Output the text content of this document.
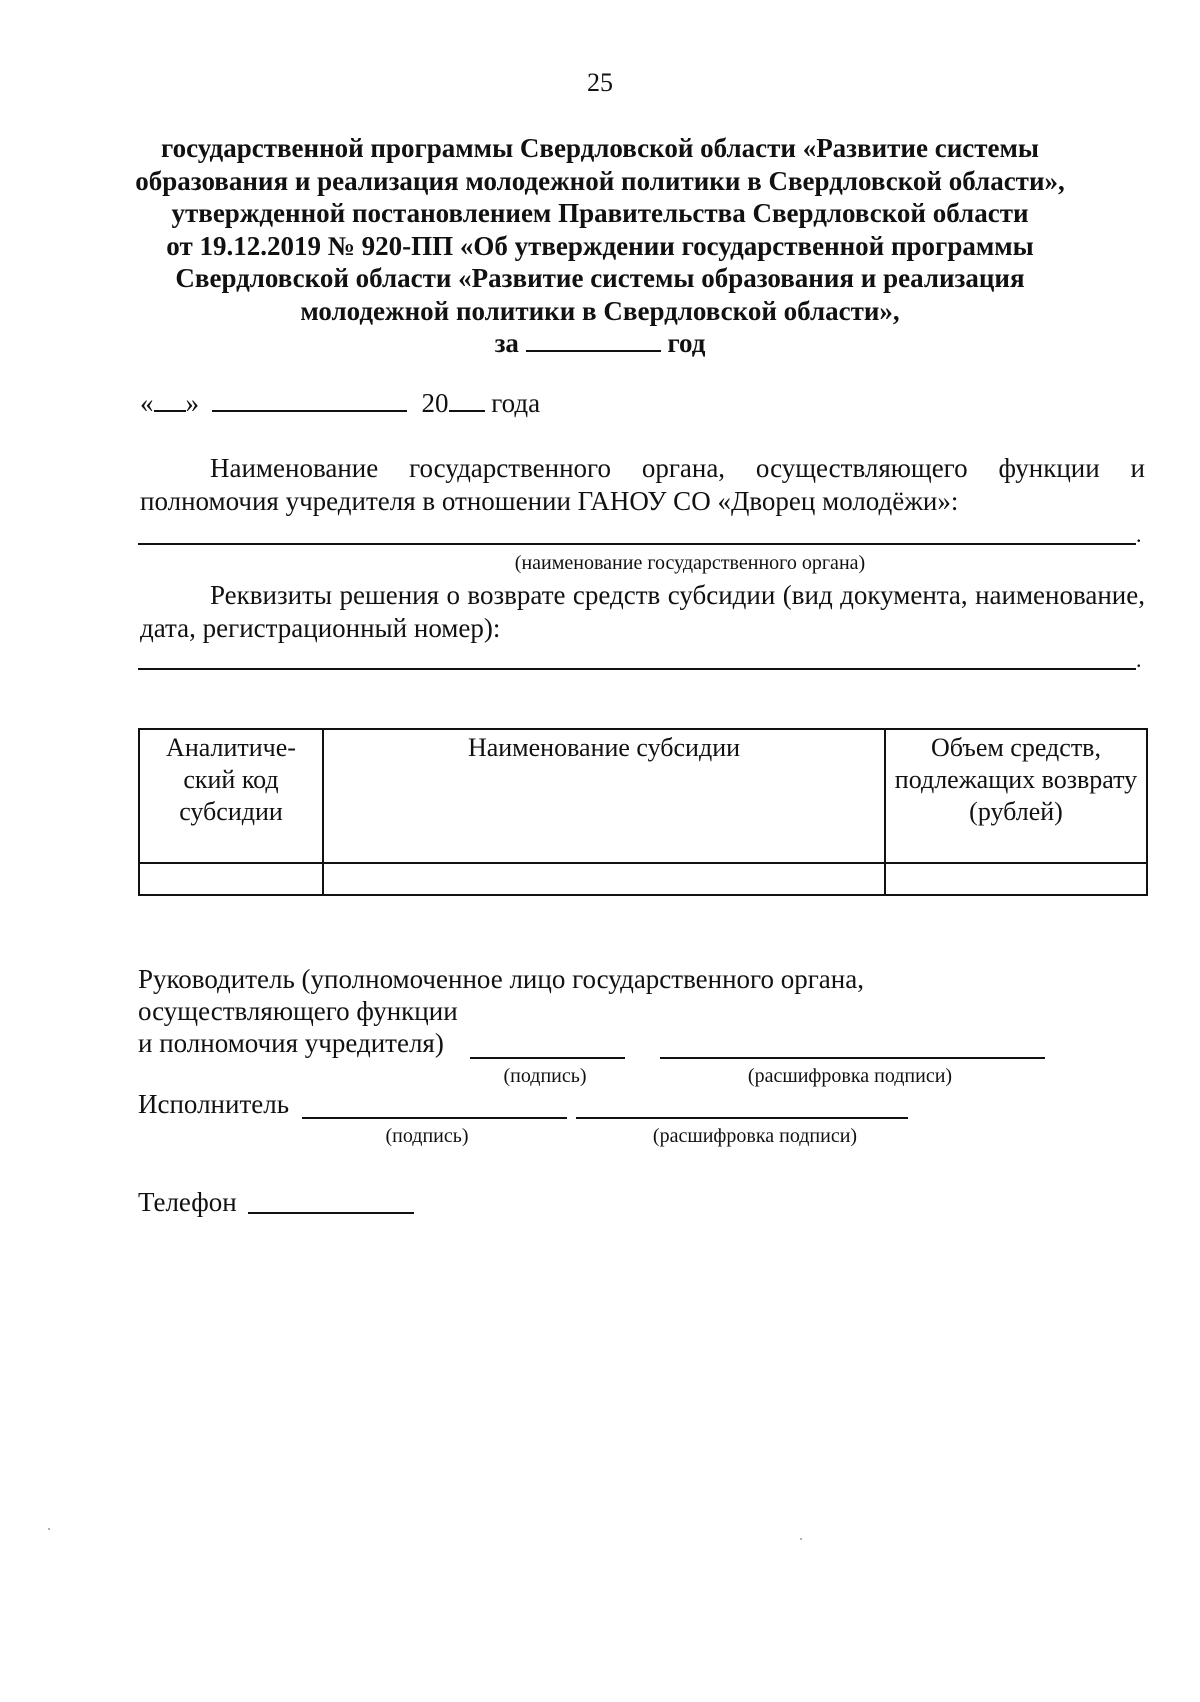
25
государственной программы Свердловской области «Развитие системы
образования и реализация молодежной политики в Свердловской области»,
утвержденной постановлением Правительства Свердловской области
от 19.12.2019 № 920-ПП «Об утверждении государственной программы
Свердловской области «Развитие системы образования и реализация
молодежной политики в Свердловской области»,
за	год
« »	20 года
Наименование государственного органа, осуществляющего функции и полномочия учредителя в отношении ГАНОУ СО «Дворец молодёжи»:
.
(наименование государственного органа)
Реквизиты решения о возврате средств субсидии (вид документа, наименование, дата, регистрационный номер):
.
Аналитиче-ский код субсидии	Наименование субсидии	Объем средств, подлежащих возврату (рублей)

Руководитель (уполномоченное лицо государственного органа,
осуществляющего функции
и полномочия учредителя)
(подпись)	(расшифровка подписи)
Исполнитель
(подпись)	(расшифровка подписи)
Телефон
